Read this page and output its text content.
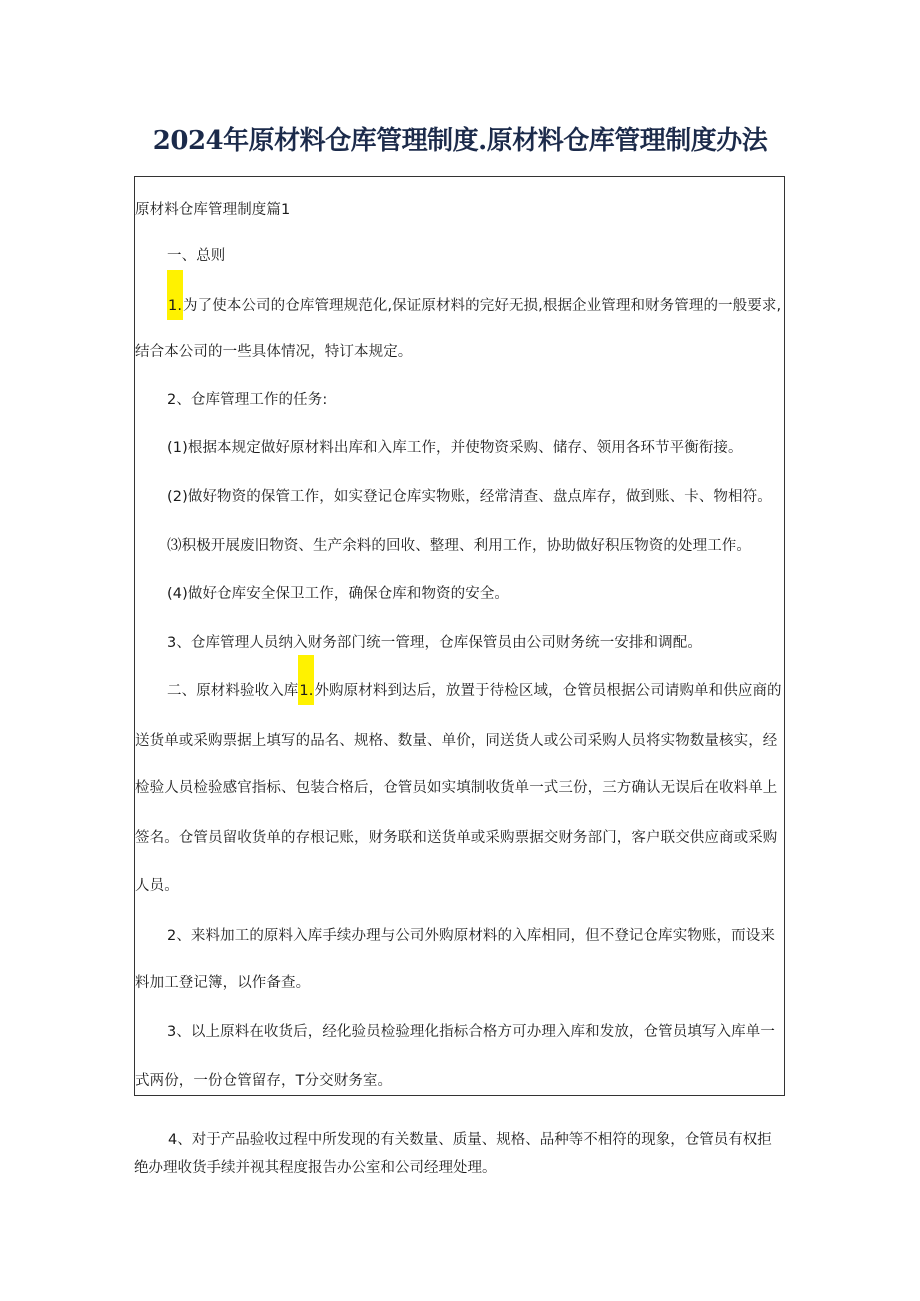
2024年原材料仓库管理制度.原材料仓库管理制度办法
原材料仓库管理制度篇1
一、总则
1.为了使本公司的仓库管理规范化,保证原材料的完好无损,根据企业管理和财务管理的一般要求,
结合本公司的一些具体情况，特订本规定。
2、仓库管理工作的任务:
(1)根据本规定做好原材料出库和入库工作，并使物资采购、储存、领用各环节平衡衔接。
(2)做好物资的保管工作，如实登记仓库实物账，经常清查、盘点库存，做到账、卡、物相符。
⑶积极开展废旧物资、生产余料的回收、整理、利用工作，协助做好积压物资的处理工作。
(4)做好仓库安全保卫工作，确保仓库和物资的安全。
3、仓库管理人员纳入财务部门统一管理，仓库保管员由公司财务统一安排和调配。
二、原材料验收入库1.外购原材料到达后，放置于待检区域，仓管员根据公司请购单和供应商的
送货单或采购票据上填写的品名、规格、数量、单价，同送货人或公司采购人员将实物数量核实，经
检验人员检验感官指标、包装合格后，仓管员如实填制收货单一式三份，三方确认无误后在收料单上
签名。仓管员留收货单的存根记账，财务联和送货单或采购票据交财务部门，客户联交供应商或采购
人员。
2、来料加工的原料入库手续办理与公司外购原材料的入库相同，但不登记仓库实物账，而设来
料加工登记簿，以作备查。
3、以上原料在收货后，经化验员检验理化指标合格方可办理入库和发放，仓管员填写入库单一
式两份，一份仓管留存，T分交财务室。
4、对于产品验收过程中所发现的有关数量、质量、规格、品种等不相符的现象，仓管员有权拒
绝办理收货手续并视其程度报告办公室和公司经理处理。
